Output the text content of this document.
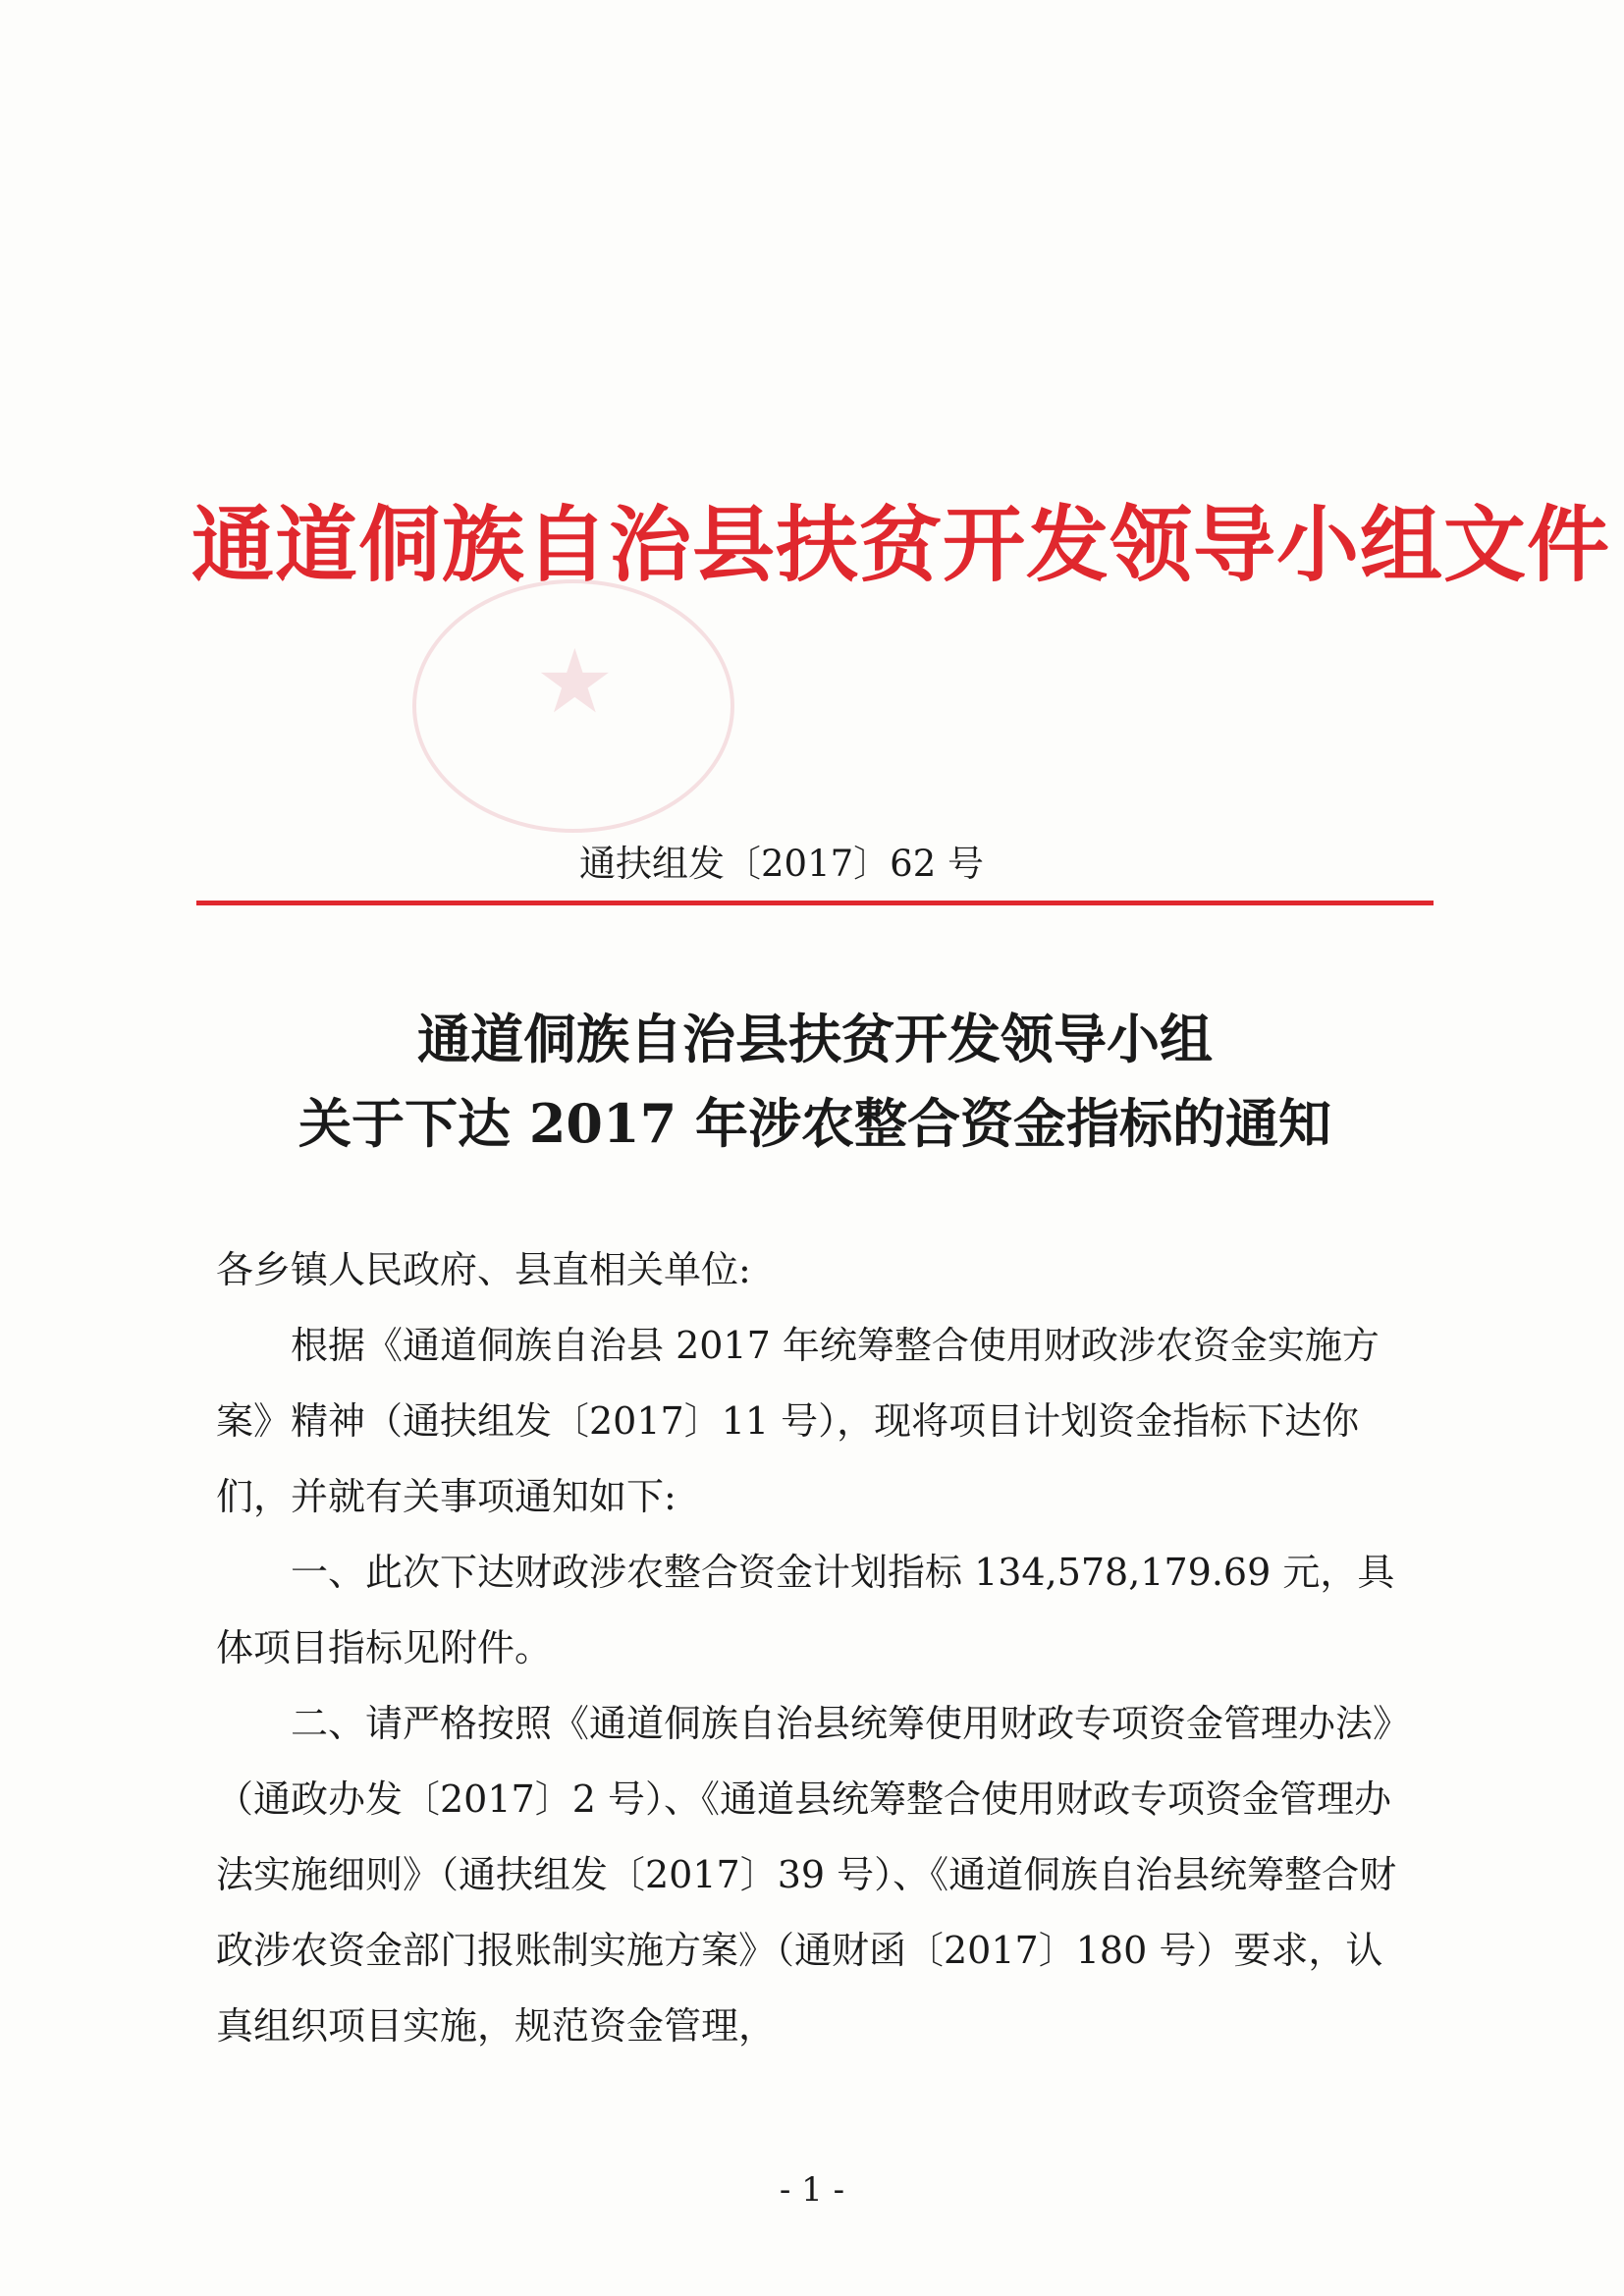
★
通道侗族自治县扶贫开发领导小组文件
通扶组发〔2017〕62 号
通道侗族自治县扶贫开发领导小组
关于下达 2017 年涉农整合资金指标的通知

各乡镇人民政府、县直相关单位:

根据《通道侗族自治县 2017 年统筹整合使用财政涉农资金实施方案》精神（通扶组发〔2017〕11 号），现将项目计划资金指标下达你们，并就有关事项通知如下:

一、此次下达财政涉农整合资金计划指标 134,578,179.69 元，具体项目指标见附件。

二、请严格按照《通道侗族自治县统筹使用财政专项资金管理办法》（通政办发〔2017〕2 号）、《通道县统筹整合使用财政专项资金管理办法实施细则》（通扶组发〔2017〕39 号）、《通道侗族自治县统筹整合财政涉农资金部门报账制实施方案》（通财函〔2017〕180 号）要求，认真组织项目实施，规范资金管理，

- 1 -
